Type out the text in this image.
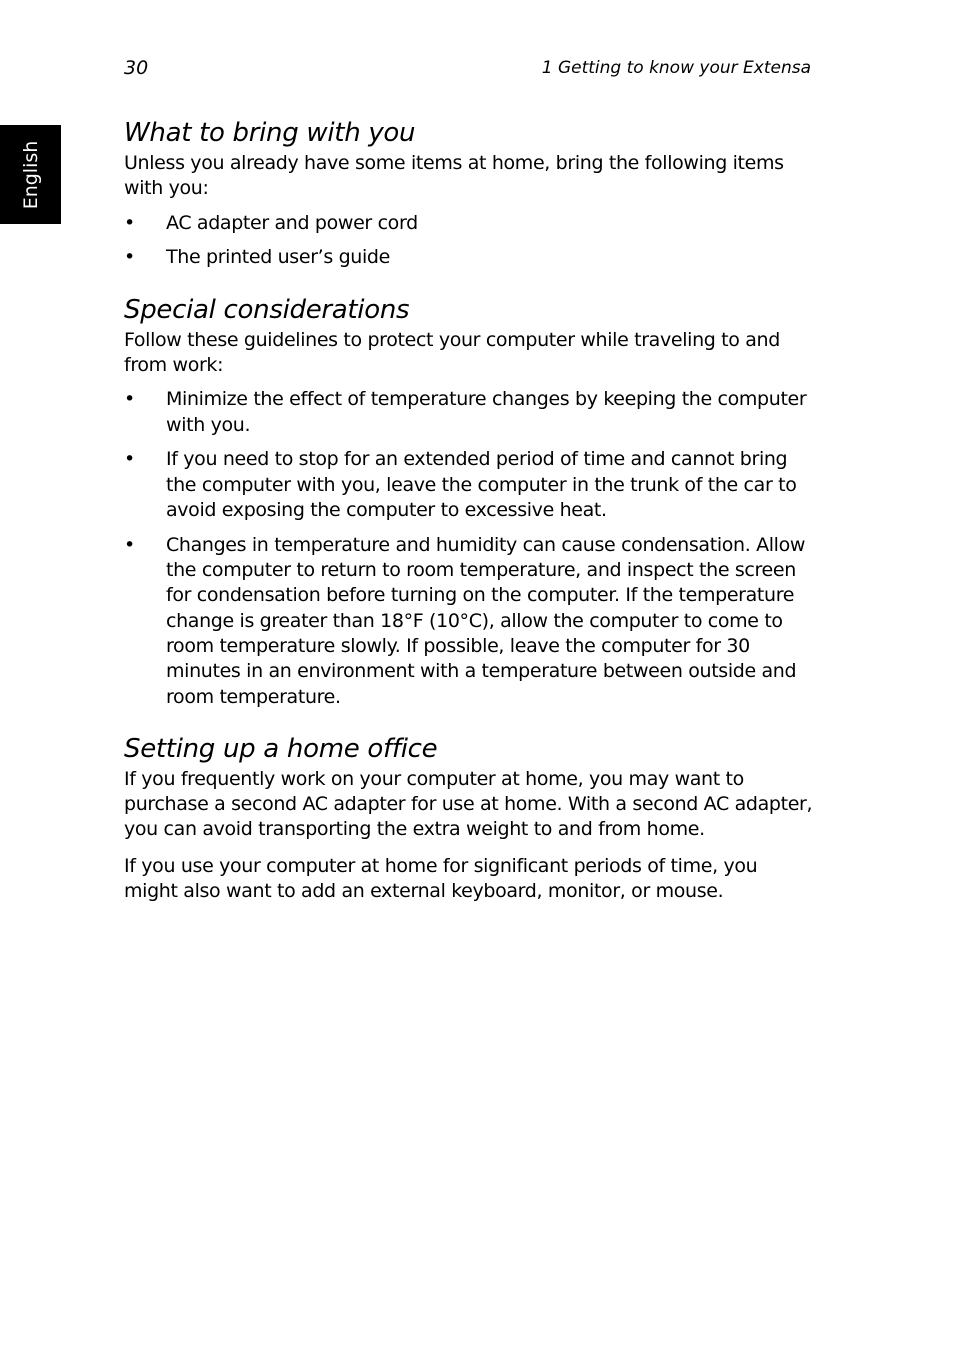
30	1 Getting to know your Extensa
English
What to bring with you

Unless you already have some items at home, bring the following items with you:

• AC adapter and power cord
• The printed user’s guide
Special considerations

Follow these guidelines to protect your computer while traveling to and from work:

• Minimize the effect of temperature changes by keeping the computer with you.
• If you need to stop for an extended period of time and cannot bring the computer with you, leave the computer in the trunk of the car to avoid exposing the computer to excessive heat.
• Changes in temperature and humidity can cause condensation. Allow the computer to return to room temperature, and inspect the screen for condensation before turning on the computer. If the temperature change is greater than 18°F (10°C), allow the computer to come to room temperature slowly. If possible, leave the computer for 30 minutes in an environment with a temperature between outside and room temperature.
Setting up a home office

If you frequently work on your computer at home, you may want to purchase a second AC adapter for use at home. With a second AC adapter, you can avoid transporting the extra weight to and from home.

If you use your computer at home for significant periods of time, you might also want to add an external keyboard, monitor, or mouse.
